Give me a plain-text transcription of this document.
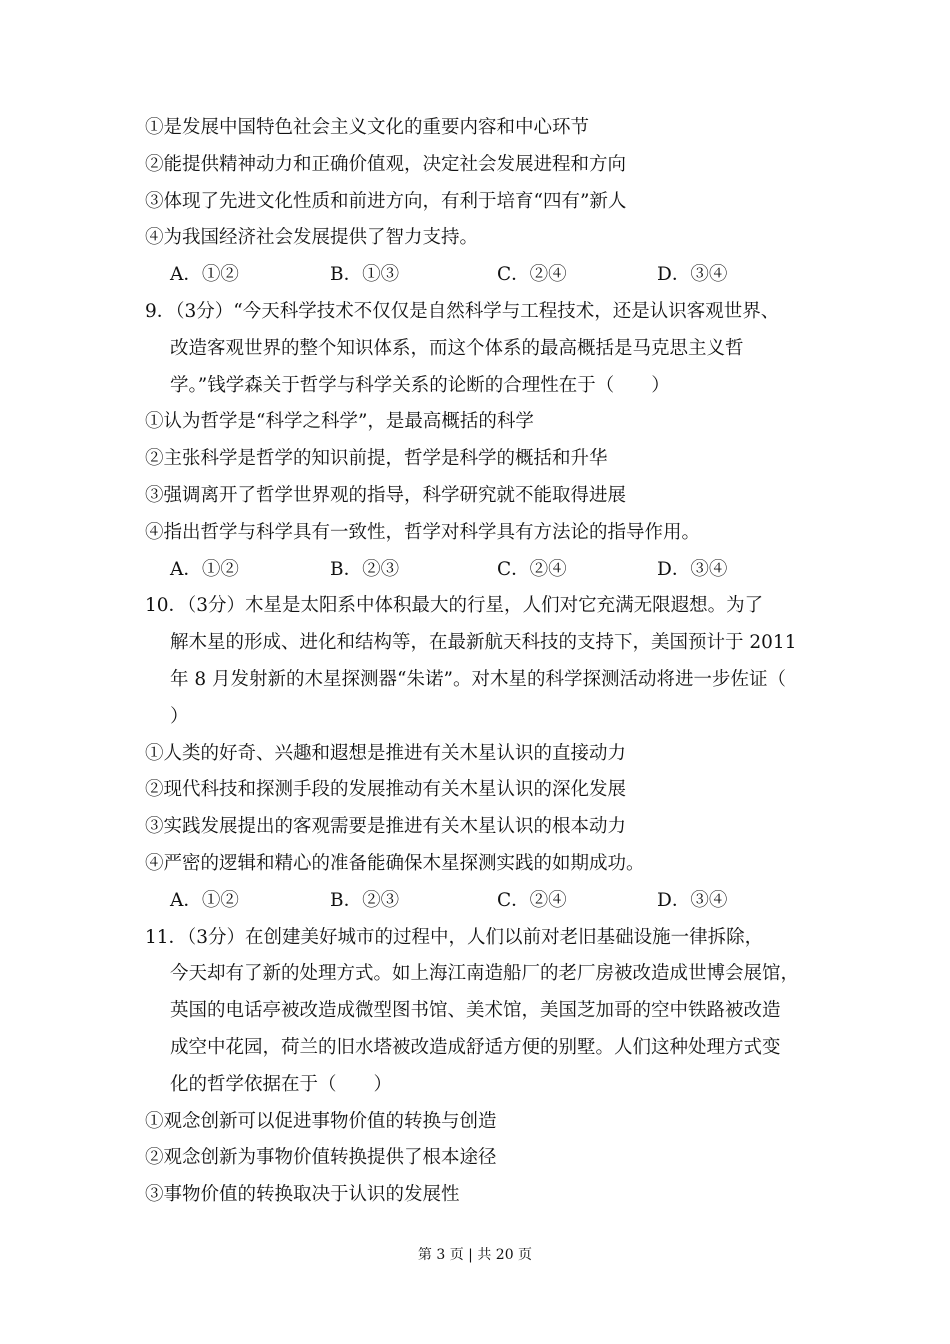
①是发展中国特色社会主义文化的重要内容和中心环节
②能提供精神动力和正确价值观，决定社会发展进程和方向
③体现了先进文化性质和前进方向，有利于培育“四有”新人
④为我国经济社会发展提供了智力支持。
A．①②	B．①③	C．②④	D．③④
9．（3分）“今天科学技术不仅仅是自然科学与工程技术，还是认识客观世界、
改造客观世界的整个知识体系，而这个体系的最高概括是马克思主义哲
学。”钱学森关于哲学与科学关系的论断的合理性在于（　　）
①认为哲学是“科学之科学”，是最高概括的科学
②主张科学是哲学的知识前提，哲学是科学的概括和升华
③强调离开了哲学世界观的指导，科学研究就不能取得进展
④指出哲学与科学具有一致性，哲学对科学具有方法论的指导作用。
A．①②	B．②③	C．②④	D．③④
10．（3分）木星是太阳系中体积最大的行星，人们对它充满无限遐想。为了
解木星的形成、进化和结构等，在最新航天科技的支持下，美国预计于 2011
年 8 月发射新的木星探测器“朱诺”。对木星的科学探测活动将进一步佐证（
）
①人类的好奇、兴趣和遐想是推进有关木星认识的直接动力
②现代科技和探测手段的发展推动有关木星认识的深化发展
③实践发展提出的客观需要是推进有关木星认识的根本动力
④严密的逻辑和精心的准备能确保木星探测实践的如期成功。
A．①②	B．②③	C．②④	D．③④
11．（3分）在创建美好城市的过程中，人们以前对老旧基础设施一律拆除，
今天却有了新的处理方式。如上海江南造船厂的老厂房被改造成世博会展馆，
英国的电话亭被改造成微型图书馆、美术馆，美国芝加哥的空中铁路被改造
成空中花园，荷兰的旧水塔被改造成舒适方便的别墅。人们这种处理方式变
化的哲学依据在于（　　）
①观念创新可以促进事物价值的转换与创造
②观念创新为事物价值转换提供了根本途径
③事物价值的转换取决于认识的发展性
第 3 页 | 共 20 页
